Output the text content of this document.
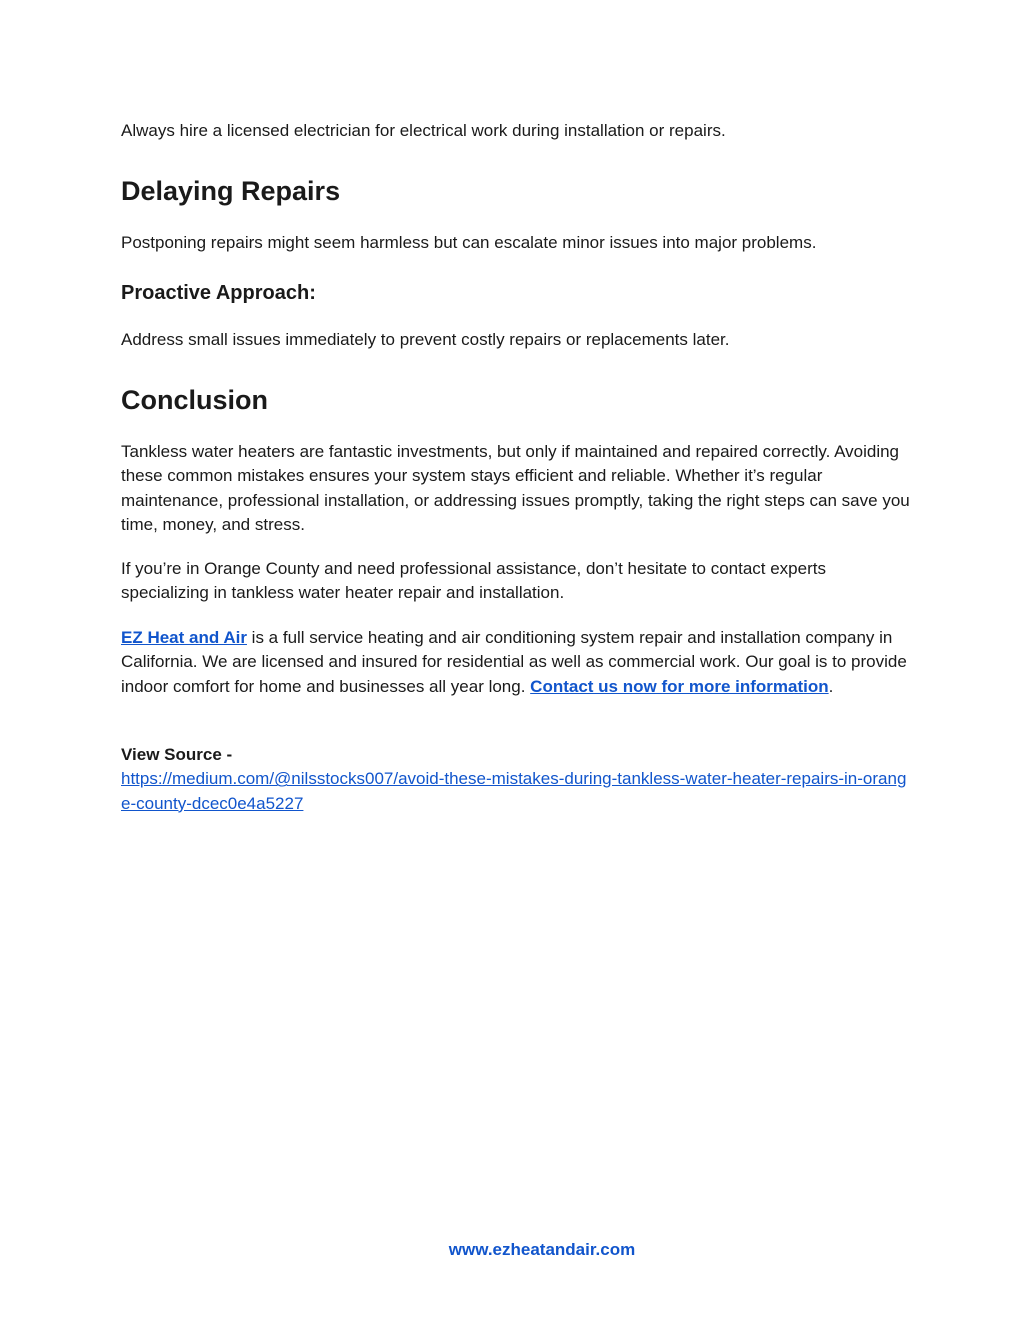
Always hire a licensed electrician for electrical work during installation or repairs.

Delaying Repairs

Postponing repairs might seem harmless but can escalate minor issues into major problems.

Proactive Approach:

Address small issues immediately to prevent costly repairs or replacements later.

Conclusion

Tankless water heaters are fantastic investments, but only if maintained and repaired correctly. Avoiding these common mistakes ensures your system stays efficient and reliable. Whether it’s regular maintenance, professional installation, or addressing issues promptly, taking the right steps can save you time, money, and stress.

If you’re in Orange County and need professional assistance, don’t hesitate to contact experts specializing in tankless water heater repair and installation.

EZ Heat and Air is a full service heating and air conditioning system repair and installation company in California. We are licensed and insured for residential as well as commercial work. Our goal is to provide indoor comfort for home and businesses all year long. Contact us now for more information.

View Source -
https://medium.com/@nilsstocks007/avoid-these-mistakes-during-tankless-water-heater-repairs-in-orange-county-dcec0e4a5227

www.ezheatandair.com
